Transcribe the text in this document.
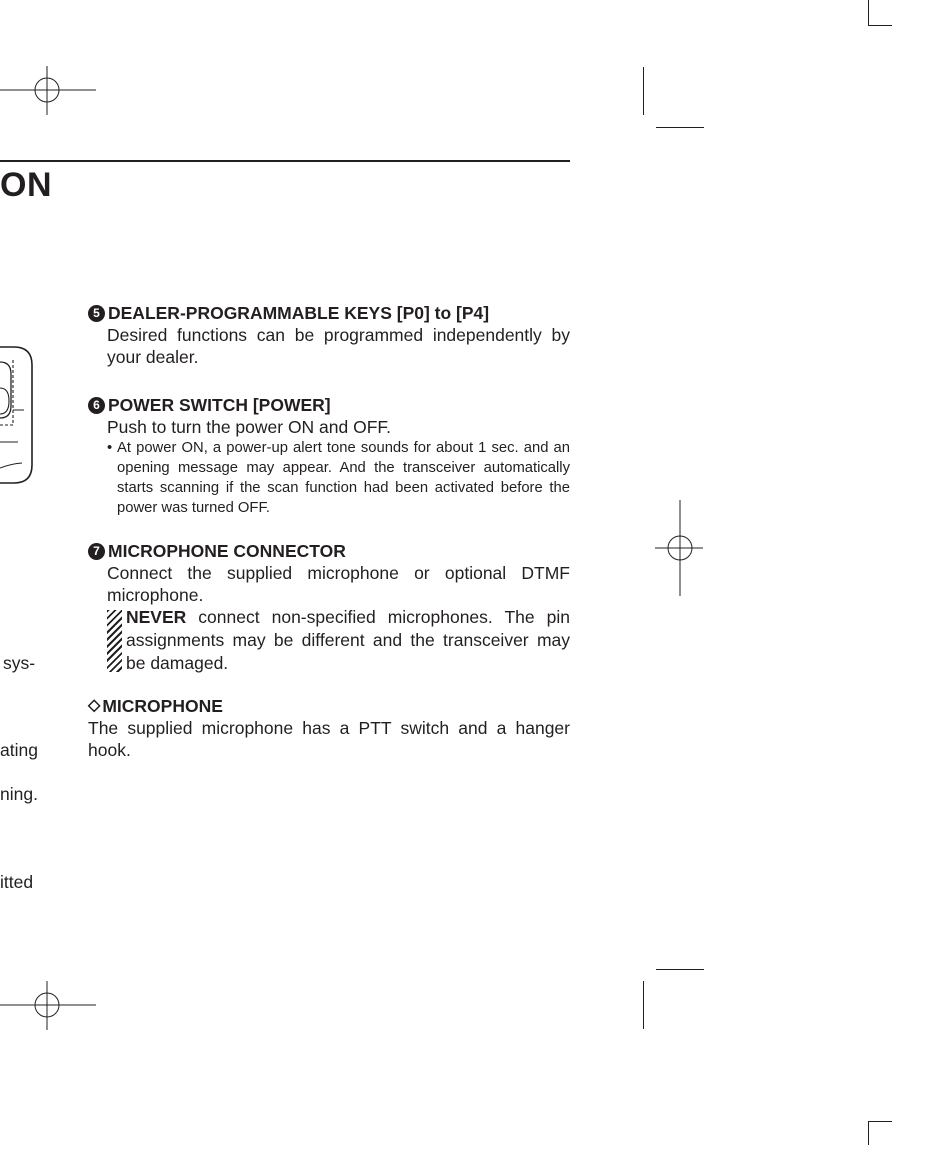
ON
sys-
ating
ning.
itted
5 DEALER-PROGRAMMABLE KEYS [P0] to [P4]
Desired functions can be programmed independently by your dealer.
6 POWER SWITCH [POWER]
Push to turn the power ON and OFF.
• At power ON, a power-up alert tone sounds for about 1 sec. and an opening message may appear. And the transceiver automatically starts scanning if the scan function had been activated before the power was turned OFF.
7 MICROPHONE CONNECTOR
Connect the supplied microphone or optional DTMF microphone.
NEVER connect non-specified microphones. The pin assignments may be different and the transceiver may be damaged.
◇ MICROPHONE
The supplied microphone has a PTT switch and a hanger hook.
